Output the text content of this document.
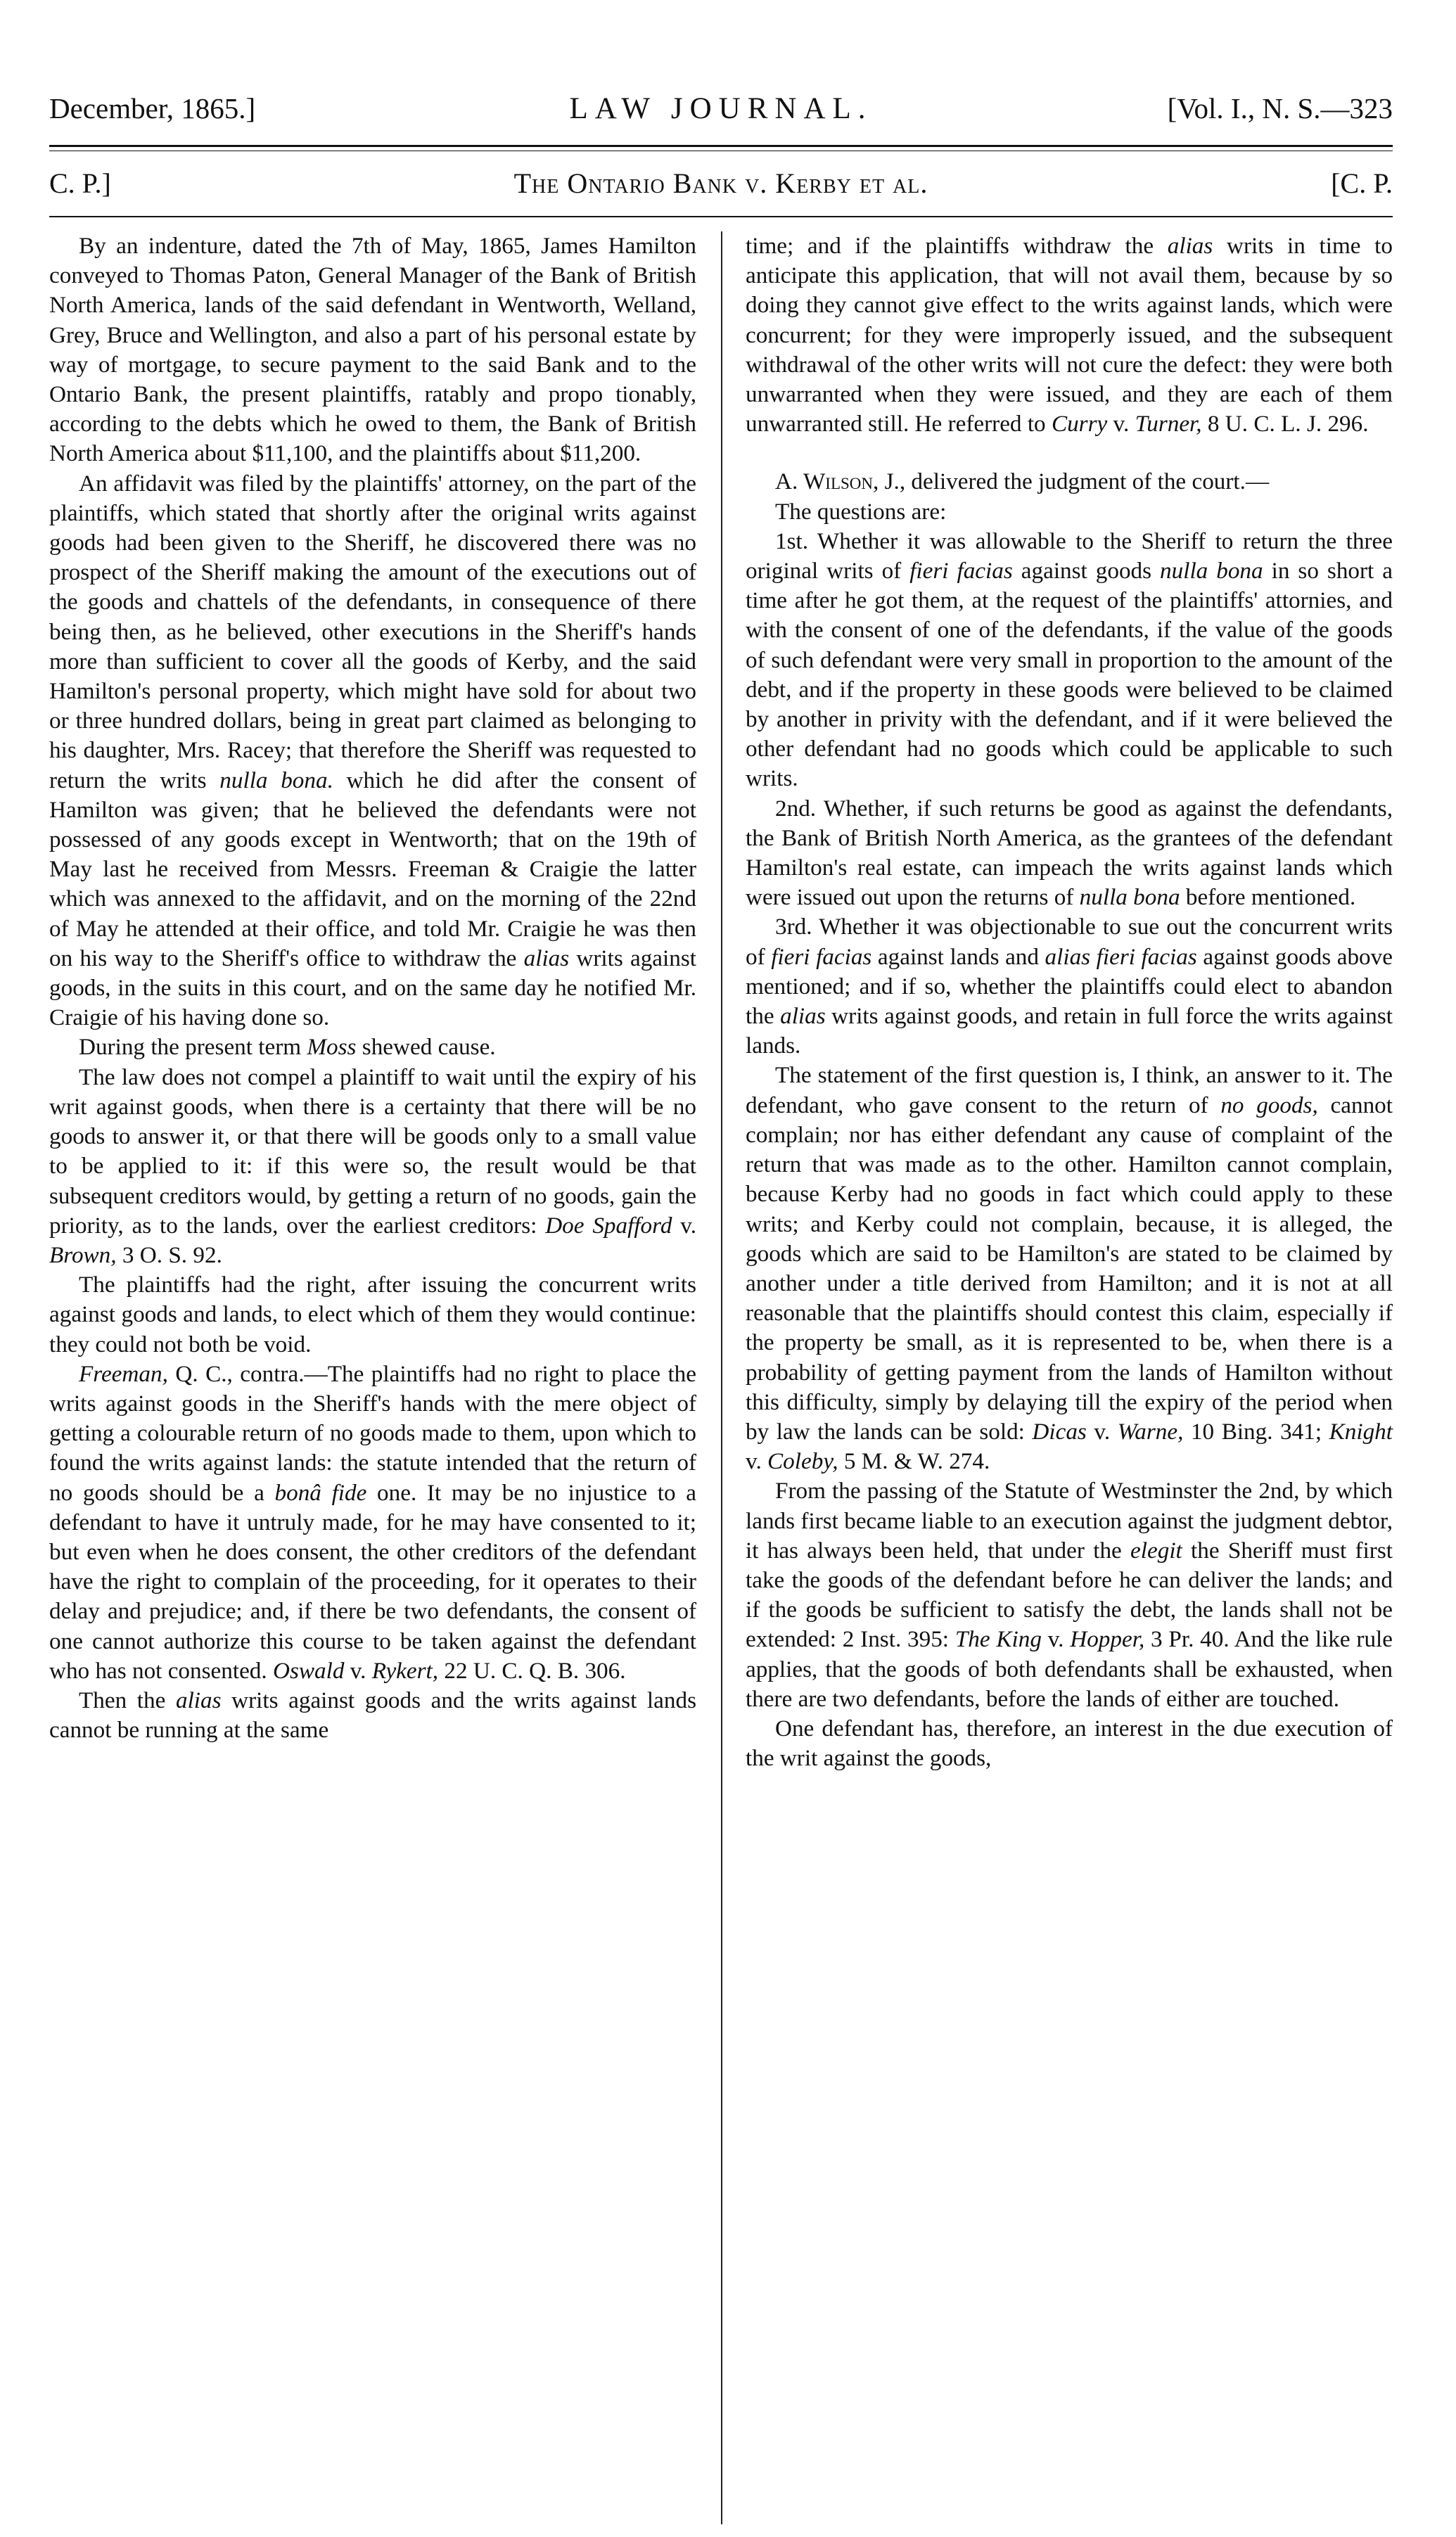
December, 1865.]	LAW JOURNAL.	[Vol. I., N. S.—323
C. P.]	The Ontario Bank v. Kerby et al.	[C. P.

By an indenture, dated the 7th of May, 1865, James Hamilton conveyed to Thomas Paton, General Manager of the Bank of British North America, lands of the said defendant in Wentworth, Welland, Grey, Bruce and Wellington, and also a part of his personal estate by way of mortgage, to secure payment to the said Bank and to the Ontario Bank, the present plaintiffs, ratably and propo tionably, according to the debts which he owed to them, the Bank of British North America about $11,100, and the plaintiffs about $11,200.

An affidavit was filed by the plaintiffs' attorney, on the part of the plaintiffs, which stated that shortly after the original writs against goods had been given to the Sheriff, he discovered there was no prospect of the Sheriff making the amount of the executions out of the goods and chattels of the defendants, in consequence of there being then, as he believed, other executions in the Sheriff's hands more than sufficient to cover all the goods of Kerby, and the said Hamilton's personal property, which might have sold for about two or three hundred dollars, being in great part claimed as belonging to his daughter, Mrs. Racey; that therefore the Sheriff was requested to return the writs nulla bona. which he did after the consent of Hamilton was given; that he believed the defendants were not possessed of any goods except in Wentworth; that on the 19th of May last he received from Messrs. Freeman & Craigie the latter which was annexed to the affidavit, and on the morning of the 22nd of May he attended at their office, and told Mr. Craigie he was then on his way to the Sheriff's office to withdraw the alias writs against goods, in the suits in this court, and on the same day he notified Mr. Craigie of his having done so.

During the present term Moss shewed cause.

The law does not compel a plaintiff to wait until the expiry of his writ against goods, when there is a certainty that there will be no goods to answer it, or that there will be goods only to a small value to be applied to it: if this were so, the result would be that subsequent creditors would, by getting a return of no goods, gain the priority, as to the lands, over the earliest creditors: Doe Spafford v. Brown, 3 O. S. 92.

The plaintiffs had the right, after issuing the concurrent writs against goods and lands, to elect which of them they would continue: they could not both be void.

Freeman, Q. C., contra.—The plaintiffs had no right to place the writs against goods in the Sheriff's hands with the mere object of getting a colourable return of no goods made to them, upon which to found the writs against lands: the statute intended that the return of no goods should be a bonâ fide one. It may be no injustice to a defendant to have it untruly made, for he may have consented to it; but even when he does consent, the other creditors of the defendant have the right to complain of the proceeding, for it operates to their delay and prejudice; and, if there be two defendants, the consent of one cannot authorize this course to be taken against the defendant who has not consented. Oswald v. Rykert, 22 U. C. Q. B. 306.

Then the alias writs against goods and the writs against lands cannot be running at the same

time; and if the plaintiffs withdraw the alias writs in time to anticipate this application, that will not avail them, because by so doing they cannot give effect to the writs against lands, which were concurrent; for they were improperly issued, and the subsequent withdrawal of the other writs will not cure the defect: they were both unwarranted when they were issued, and they are each of them unwarranted still. He referred to Curry v. Turner, 8 U. C. L. J. 296.

A. Wilson, J., delivered the judgment of the court.—

The questions are:

1st. Whether it was allowable to the Sheriff to return the three original writs of fieri facias against goods nulla bona in so short a time after he got them, at the request of the plaintiffs' attornies, and with the consent of one of the defendants, if the value of the goods of such defendant were very small in proportion to the amount of the debt, and if the property in these goods were believed to be claimed by another in privity with the defendant, and if it were believed the other defendant had no goods which could be applicable to such writs.

2nd. Whether, if such returns be good as against the defendants, the Bank of British North America, as the grantees of the defendant Hamilton's real estate, can impeach the writs against lands which were issued out upon the returns of nulla bona before mentioned.

3rd. Whether it was objectionable to sue out the concurrent writs of fieri facias against lands and alias fieri facias against goods above mentioned; and if so, whether the plaintiffs could elect to abandon the alias writs against goods, and retain in full force the writs against lands.

The statement of the first question is, I think, an answer to it. The defendant, who gave consent to the return of no goods, cannot complain; nor has either defendant any cause of complaint of the return that was made as to the other. Hamilton cannot complain, because Kerby had no goods in fact which could apply to these writs; and Kerby could not complain, because, it is alleged, the goods which are said to be Hamilton's are stated to be claimed by another under a title derived from Hamilton; and it is not at all reasonable that the plaintiffs should contest this claim, especially if the property be small, as it is represented to be, when there is a probability of getting payment from the lands of Hamilton without this difficulty, simply by delaying till the expiry of the period when by law the lands can be sold: Dicas v. Warne, 10 Bing. 341; Knight v. Coleby, 5 M. & W. 274.

From the passing of the Statute of Westminster the 2nd, by which lands first became liable to an execution against the judgment debtor, it has always been held, that under the elegit the Sheriff must first take the goods of the defendant before he can deliver the lands; and if the goods be sufficient to satisfy the debt, the lands shall not be extended: 2 Inst. 395: The King v. Hopper, 3 Pr. 40. And the like rule applies, that the goods of both defendants shall be exhausted, when there are two defendants, before the lands of either are touched.

One defendant has, therefore, an interest in the due execution of the writ against the goods,
